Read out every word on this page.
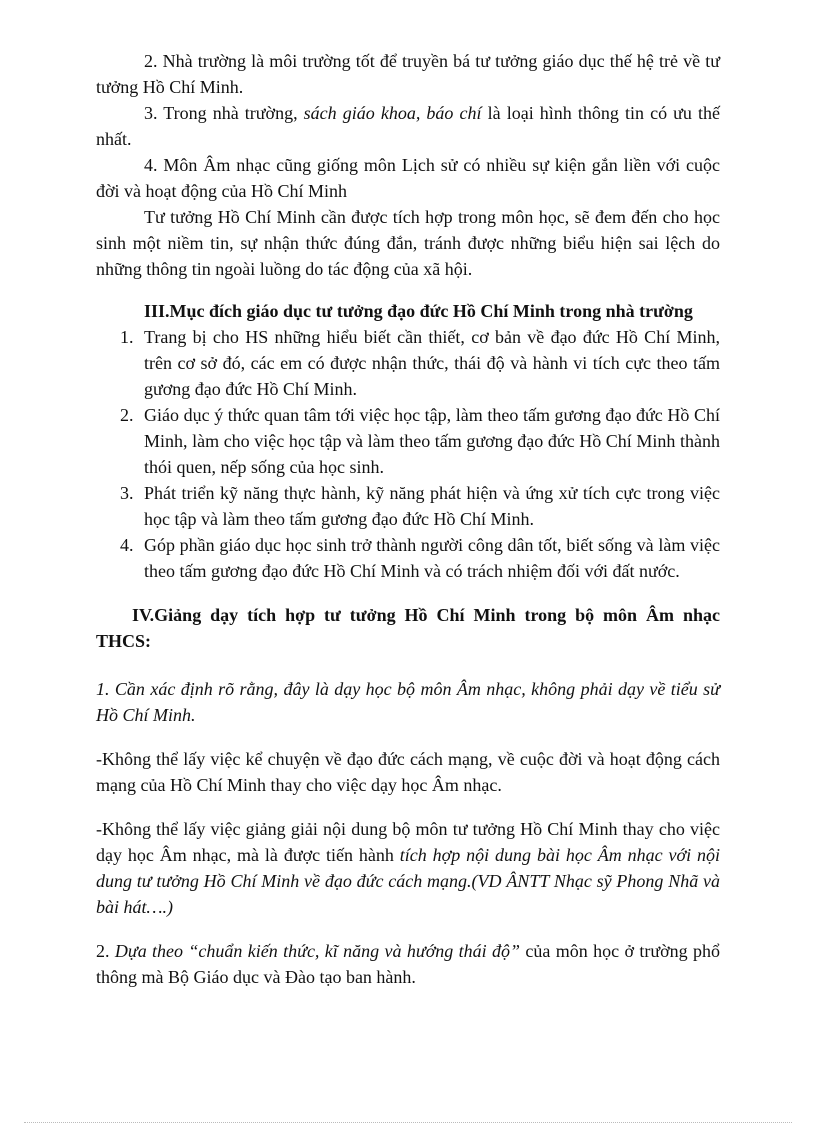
2. Nhà trường là môi trường tốt để truyền bá tư tưởng giáo dục thế hệ trẻ về tư tưởng Hồ Chí Minh.

3. Trong nhà trường, sách giáo khoa, báo chí là loại hình thông tin có ưu thế nhất.

4. Môn Âm nhạc cũng giống môn Lịch sử có nhiều sự kiện gắn liền với cuộc đời và hoạt động của Hồ Chí Minh

Tư tưởng Hồ Chí Minh cần được tích hợp trong môn học, sẽ đem đến cho học sinh một niềm tin, sự nhận thức đúng đắn, tránh được những biểu hiện sai lệch do những thông tin ngoài luồng do tác động của xã hội.

III.Mục đích giáo dục tư tưởng đạo đức Hồ Chí Minh trong nhà trường

1. Trang bị cho HS những hiểu biết cần thiết, cơ bản về đạo đức Hồ Chí Minh, trên cơ sở đó, các em có được nhận thức, thái độ và hành vi tích cực theo tấm gương đạo đức Hồ Chí Minh.

2. Giáo dục ý thức quan tâm tới việc học tập, làm theo tấm gương đạo đức Hồ Chí Minh, làm cho việc học tập và làm theo tấm gương đạo đức Hồ Chí Minh thành thói quen, nếp sống của học sinh.

3. Phát triển kỹ năng thực hành, kỹ năng phát hiện và ứng xử tích cực trong việc học tập và làm theo tấm gương đạo đức Hồ Chí Minh.

4. Góp phần giáo dục học sinh trở thành người công dân tốt, biết sống và làm việc theo tấm gương đạo đức Hồ Chí Minh và có trách nhiệm đối với đất nước.

IV.Giảng dạy tích hợp tư tưởng Hồ Chí Minh trong bộ môn Âm nhạc THCS:

1. Cần xác định rõ rằng, đây là dạy học bộ môn Âm nhạc, không phải dạy về tiểu sử Hồ Chí Minh.

-Không thể lấy việc kể chuyện về đạo đức cách mạng, về cuộc đời và hoạt động cách mạng của Hồ Chí Minh thay cho việc dạy học Âm nhạc.

-Không thể lấy việc giảng giải nội dung bộ môn tư tưởng Hồ Chí Minh thay cho việc dạy học Âm nhạc, mà là được tiến hành tích hợp nội dung bài học Âm nhạc với nội dung tư tưởng Hồ Chí Minh về đạo đức cách mạng.(VD ÂNTT Nhạc sỹ Phong Nhã và bài hát….)

2. Dựa theo “chuẩn kiến thức, kĩ năng và hướng thái độ” của môn học ở trường phổ thông mà Bộ Giáo dục và Đào tạo ban hành.
